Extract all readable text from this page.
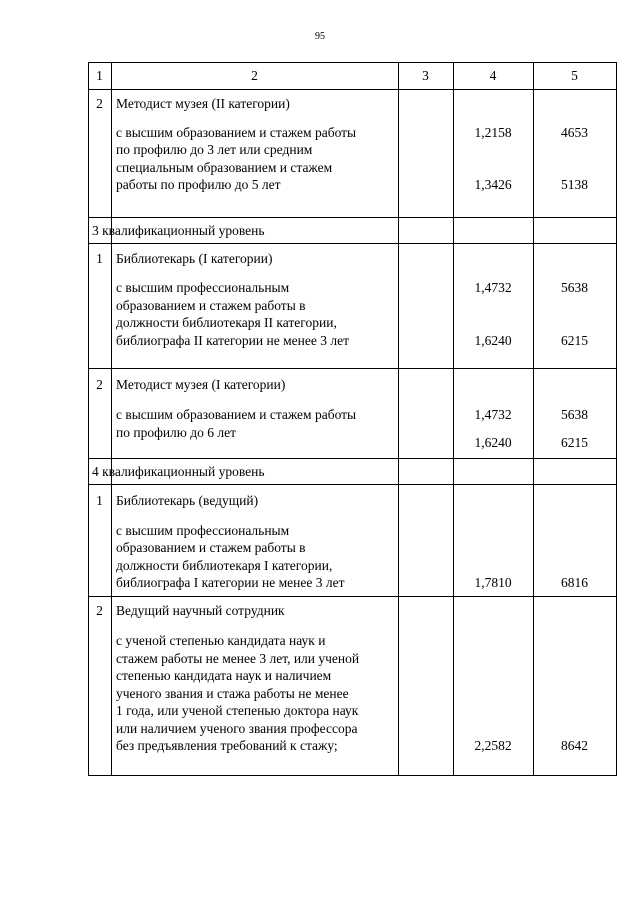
95
1	2	3	4	5
2 Методист музея (II категории)
с высшим образованием и стажем работы
по профилю до 3 лет или средним
специальным образованием и стажем
работы по профилю до 5 лет
1,2158	4653
1,3426	5138
3 квалификационный уровень
1 Библиотекарь (I категории)
с высшим профессиональным
образованием и стажем работы в
должности библиотекаря II категории,
библиографа II категории не менее 3 лет
1,4732	5638
1,6240	6215
2 Методист музея (I категории)
с высшим образованием и стажем работы
по профилю до 6 лет
1,4732	5638
1,6240	6215
4 квалификационный уровень
1 Библиотекарь (ведущий)
с высшим профессиональным
образованием и стажем работы в
должности библиотекаря I категории,
библиографа I категории не менее 3 лет	1,7810	6816
2 Ведущий научный сотрудник
с ученой степенью кандидата наук и
стажем работы не менее 3 лет, или ученой
степенью кандидата наук и наличием
ученого звания и стажа работы не менее
1 года, или ученой степенью доктора наук
или наличием ученого звания профессора
без предъявления требований к стажу;	2,2582	8642
